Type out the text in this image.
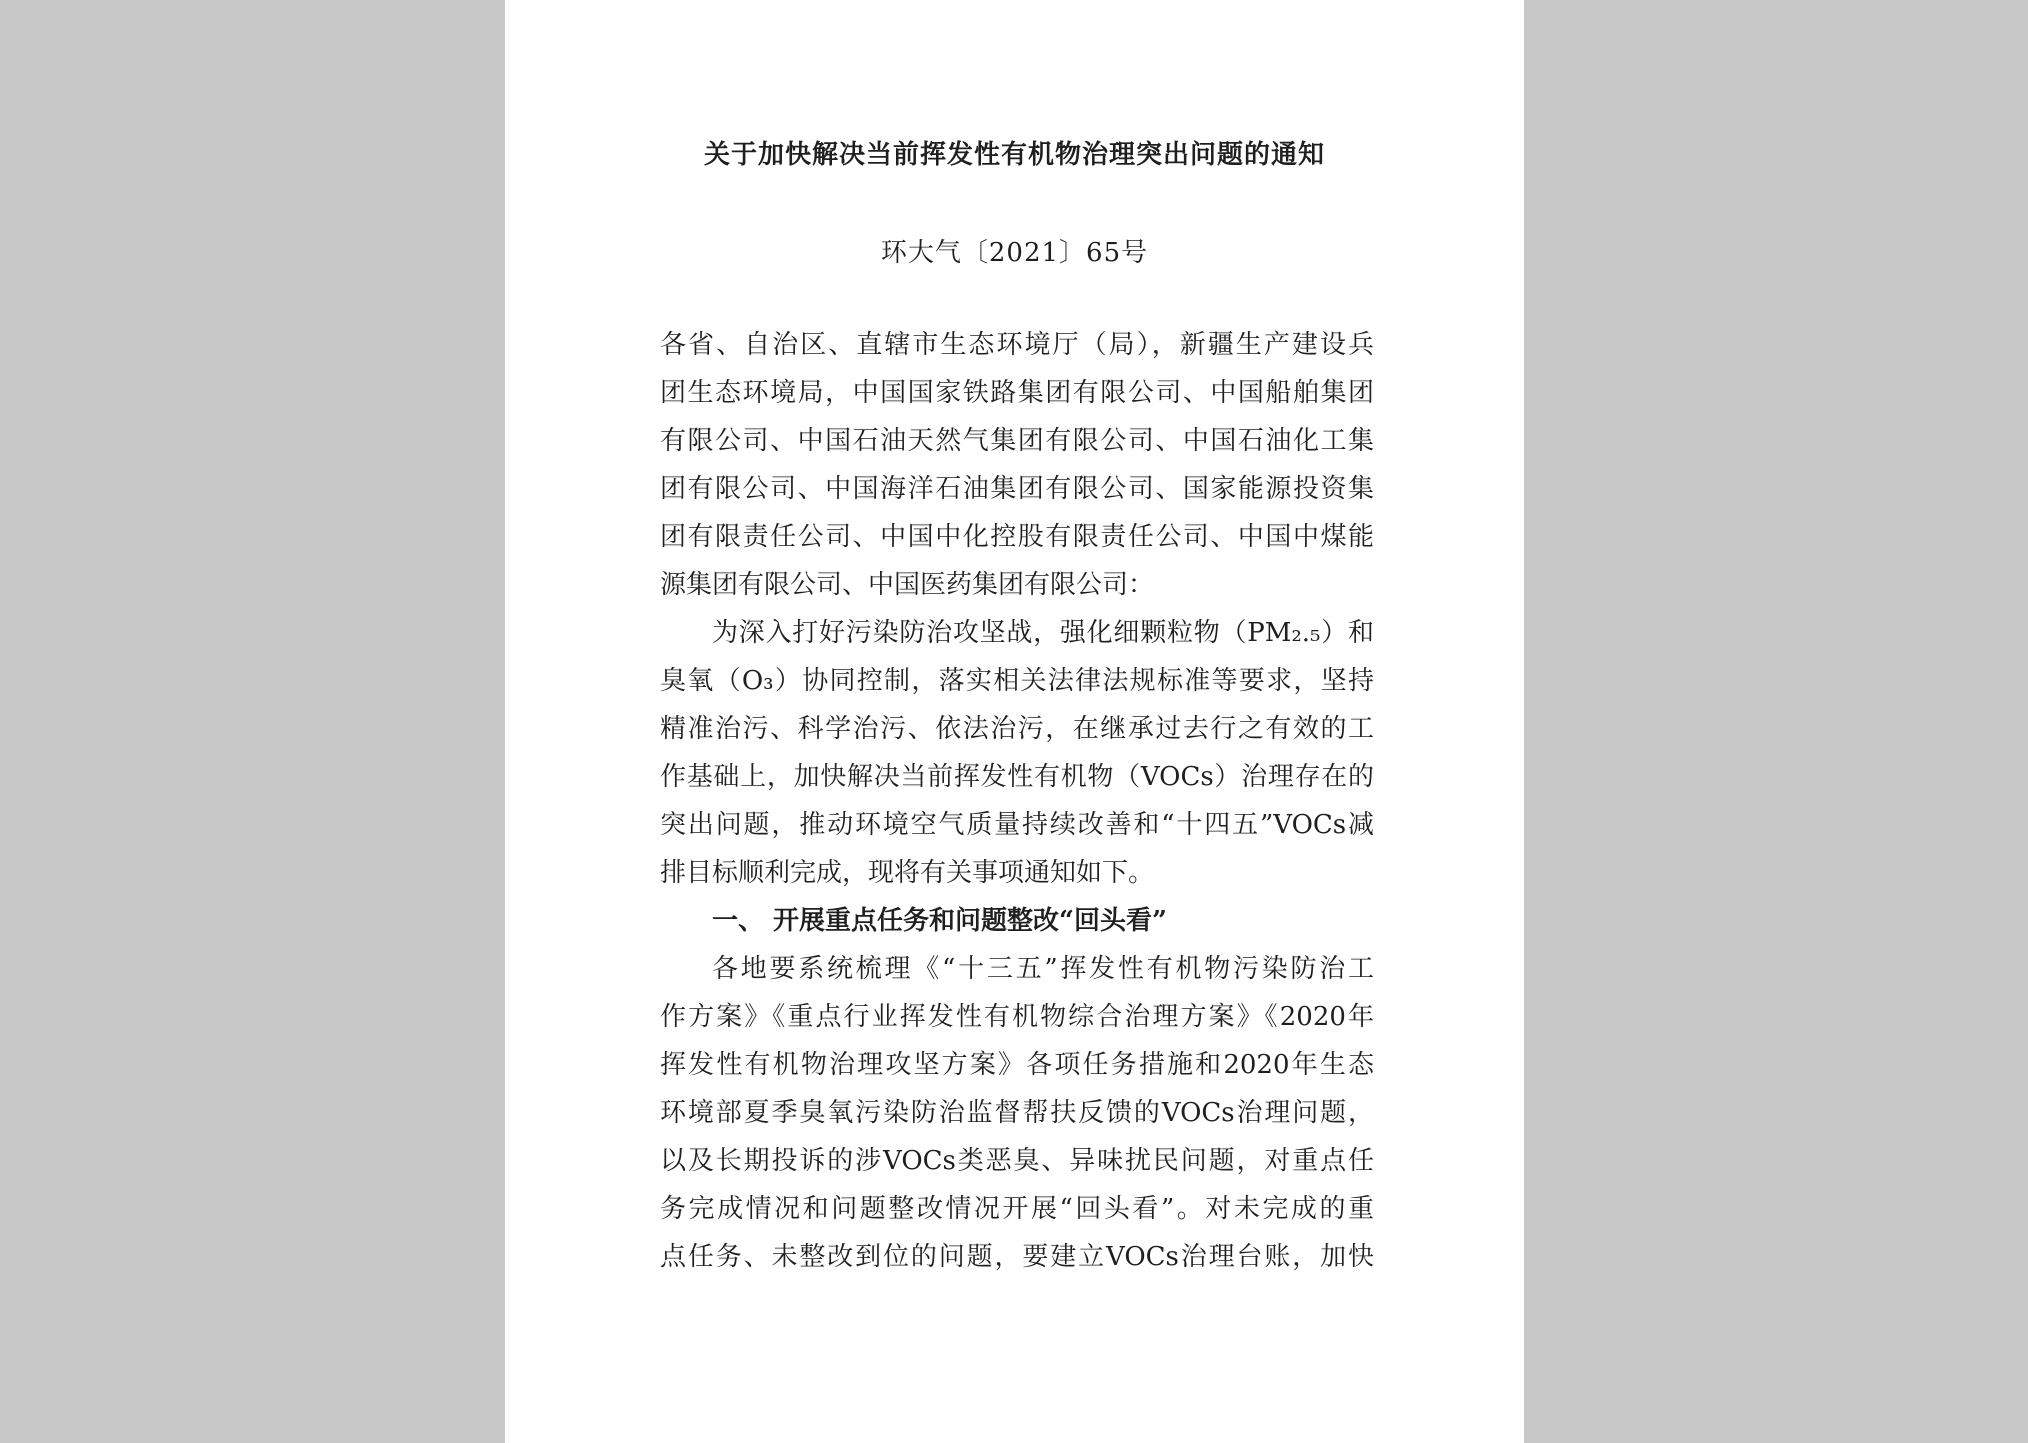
关于加快解决当前挥发性有机物治理突出问题的通知
环大气〔2021〕65号
各省、自治区、直辖市生态环境厅（局），新疆生产建设兵
团生态环境局，中国国家铁路集团有限公司、中国船舶集团
有限公司、中国石油天然气集团有限公司、中国石油化工集
团有限公司、中国海洋石油集团有限公司、国家能源投资集
团有限责任公司、中国中化控股有限责任公司、中国中煤能
源集团有限公司、中国医药集团有限公司：
为深入打好污染防治攻坚战，强化细颗粒物（PM₂.₅）和
臭氧（O₃）协同控制，落实相关法律法规标准等要求，坚持
精准治污、科学治污、依法治污，在继承过去行之有效的工
作基础上，加快解决当前挥发性有机物（VOCs）治理存在的
突出问题，推动环境空气质量持续改善和“十四五”VOCs减
排目标顺利完成，现将有关事项通知如下。
一、 开展重点任务和问题整改“回头看”
各地要系统梳理《“十三五”挥发性有机物污染防治工
作方案》《重点行业挥发性有机物综合治理方案》《2020年
挥发性有机物治理攻坚方案》各项任务措施和2020年生态
环境部夏季臭氧污染防治监督帮扶反馈的VOCs治理问题，
以及长期投诉的涉VOCs类恶臭、异味扰民问题，对重点任
务完成情况和问题整改情况开展“回头看”。对未完成的重
点任务、未整改到位的问题，要建立VOCs治理台账，加快
